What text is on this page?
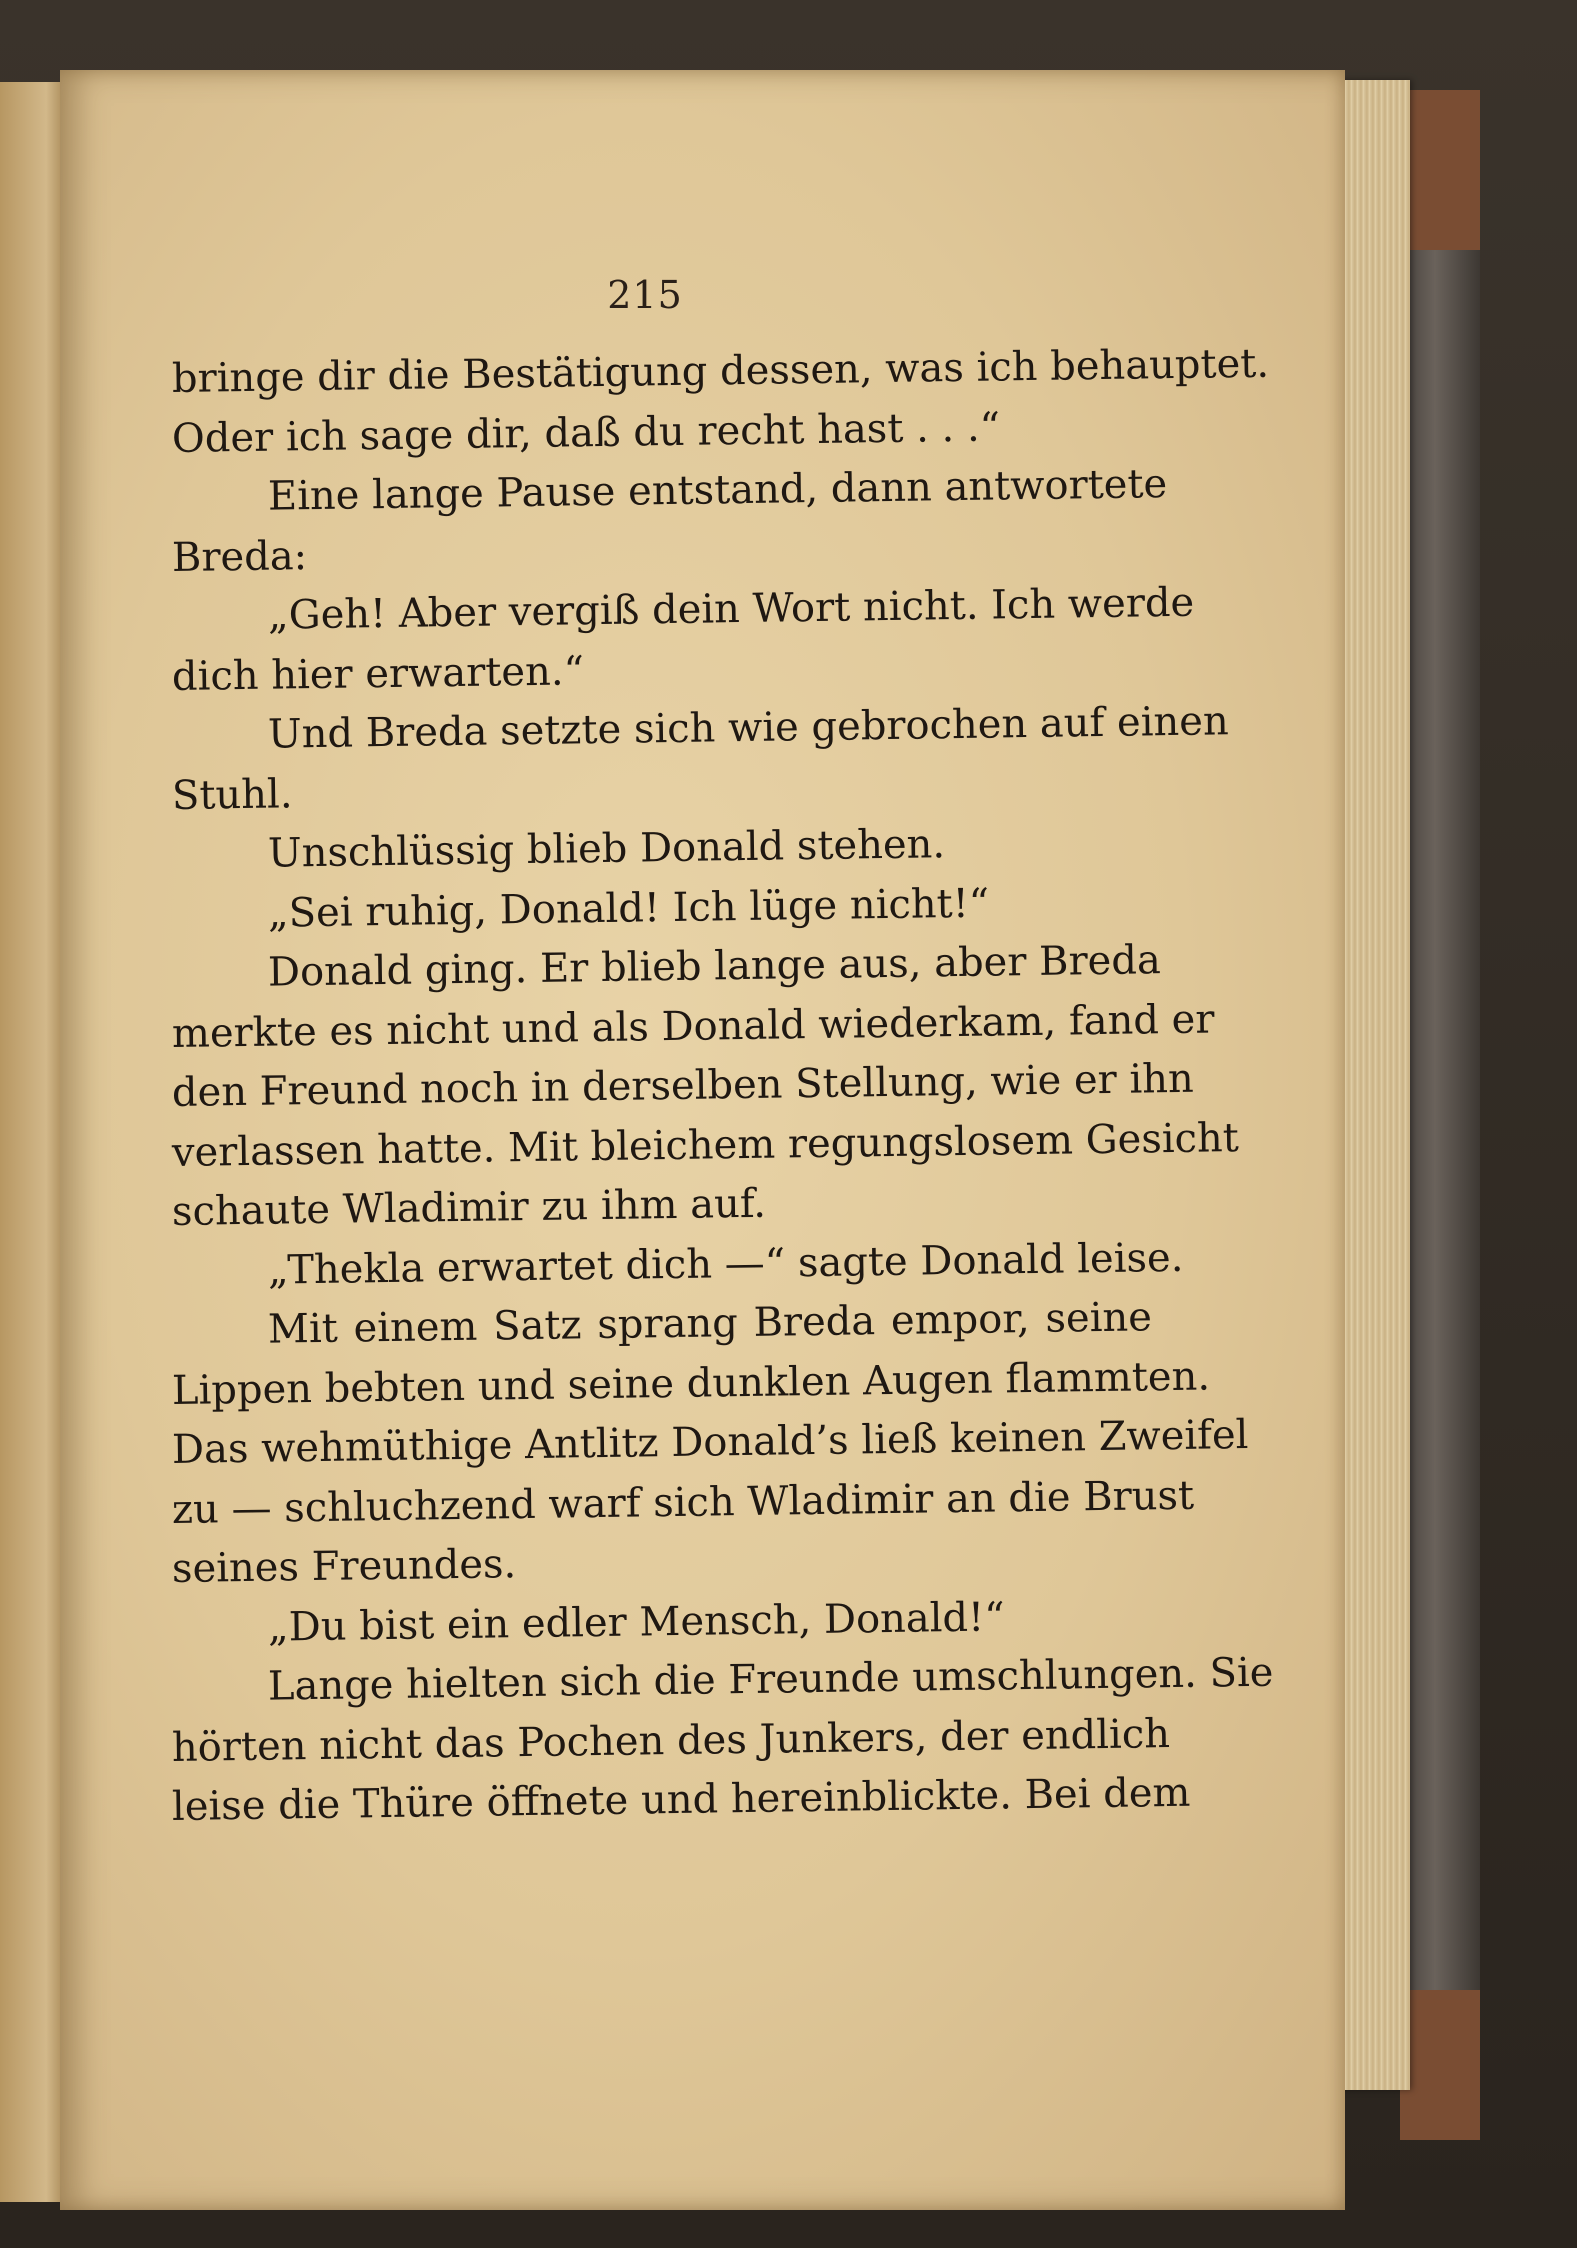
215
bringe dir die Bestätigung dessen, was ich behauptet.
Oder ich sage dir, daß du recht hast . . .“
Eine lange Pause entstand, dann antwortete
Breda:
„Geh! Aber vergiß dein Wort nicht. Ich werde
dich hier erwarten.“
Und Breda setzte sich wie gebrochen auf einen
Stuhl.
Unschlüssig blieb Donald stehen.
„Sei ruhig, Donald! Ich lüge nicht!“
Donald ging. Er blieb lange aus, aber Breda
merkte es nicht und als Donald wiederkam, fand er
den Freund noch in derselben Stellung, wie er ihn
verlassen hatte. Mit bleichem regungslosem Gesicht
schaute Wladimir zu ihm auf.
„Thekla erwartet dich —“ sagte Donald leise.
Mit einem Satz sprang Breda empor, seine
Lippen bebten und seine dunklen Augen flammten.
Das wehmüthige Antlitz Donald’s ließ keinen Zweifel
zu — schluchzend warf sich Wladimir an die Brust
seines Freundes.
„Du bist ein edler Mensch, Donald!“
Lange hielten sich die Freunde umschlungen. Sie
hörten nicht das Pochen des Junkers, der endlich
leise die Thüre öffnete und hereinblickte. Bei dem
